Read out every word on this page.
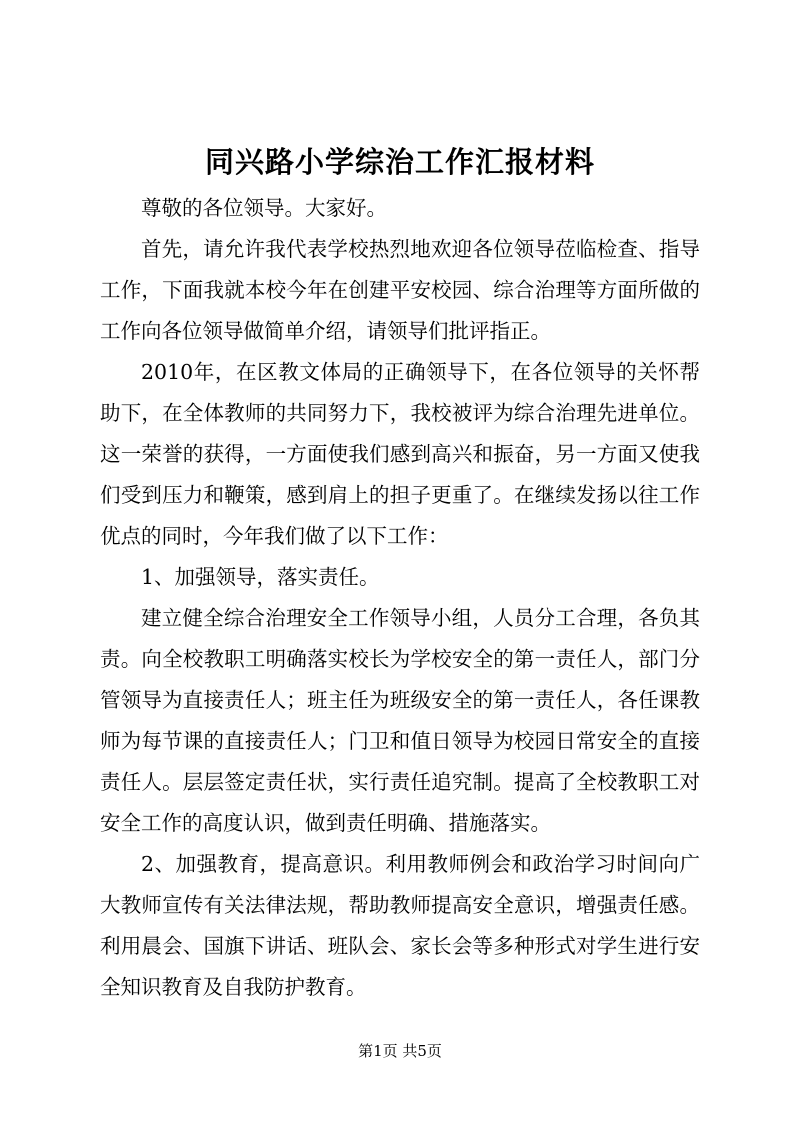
同兴路小学综治工作汇报材料

尊敬的各位领导。大家好。

首先，请允许我代表学校热烈地欢迎各位领导莅临检查、指导工作，下面我就本校今年在创建平安校园、综合治理等方面所做的工作向各位领导做简单介绍，请领导们批评指正。

2010年，在区教文体局的正确领导下，在各位领导的关怀帮助下，在全体教师的共同努力下，我校被评为综合治理先进单位。这一荣誉的获得，一方面使我们感到高兴和振奋，另一方面又使我们受到压力和鞭策，感到肩上的担子更重了。在继续发扬以往工作优点的同时，今年我们做了以下工作：

1、加强领导，落实责任。

建立健全综合治理安全工作领导小组，人员分工合理，各负其责。向全校教职工明确落实校长为学校安全的第一责任人，部门分管领导为直接责任人；班主任为班级安全的第一责任人，各任课教师为每节课的直接责任人；门卫和值日领导为校园日常安全的直接责任人。层层签定责任状，实行责任追究制。提高了全校教职工对安全工作的高度认识，做到责任明确、措施落实。

2、加强教育，提高意识。利用教师例会和政治学习时间向广大教师宣传有关法律法规，帮助教师提高安全意识，增强责任感。利用晨会、国旗下讲话、班队会、家长会等多种形式对学生进行安全知识教育及自我防护教育。

第1页 共5页
